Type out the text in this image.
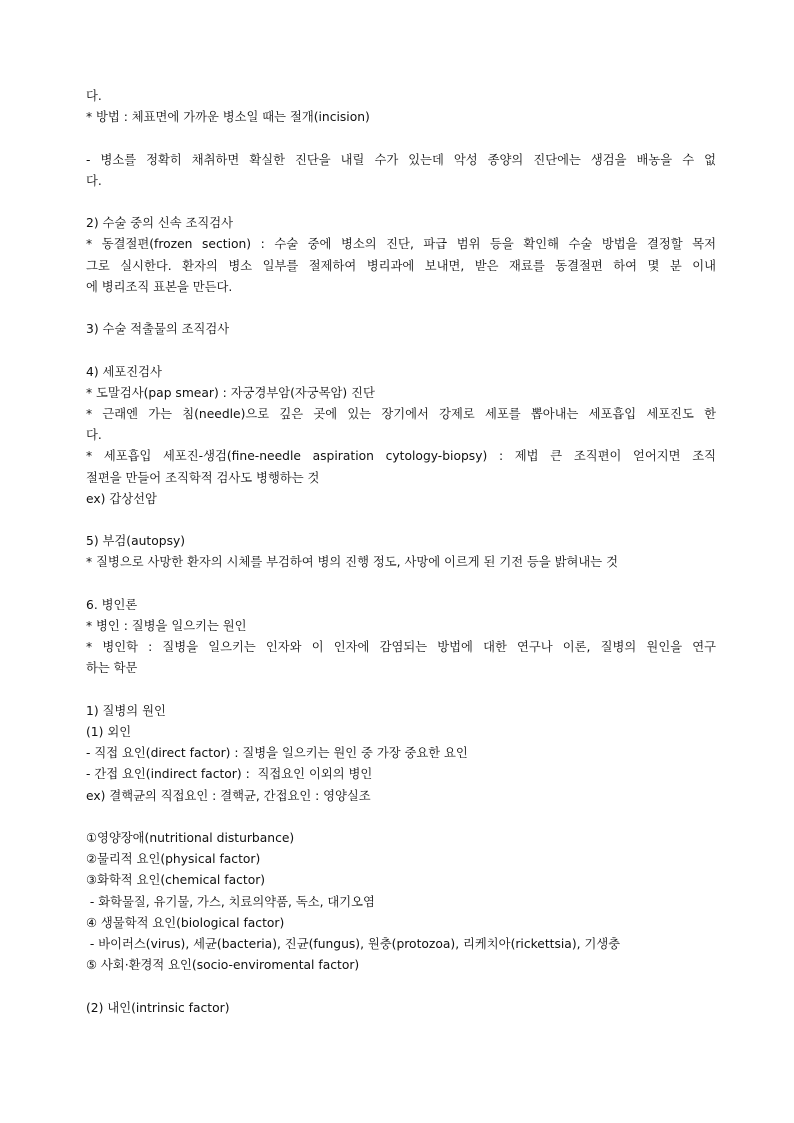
다.
* 방법 : 체표면에 가까운 병소일 때는 절개(incision)
- 병소를 정확히 채취하면 확실한 진단을 내릴 수가 있는데 악성 종양의 진단에는 생검을 배농을 수 없
다.
2) 수술 중의 신속 조직검사
* 동결절편(frozen section) : 수술 중에 병소의 진단, 파급 범위 등을 확인해 수술 방법을 결정할 목저
그로 실시한다. 환자의 병소 일부를 절제하여 병리과에 보내면, 받은 재료를 동결절편 하여 몇 분 이내
에 병리조직 표본을 만든다.
3) 수술 적출물의 조직검사
4) 세포진검사
* 도말검사(pap smear) : 자궁경부암(자궁목암) 진단
* 근래엔 가는 침(needle)으로 깊은 곳에 있는 장기에서 강제로 세포를 뽑아내는 세포흡입 세포진도 한
다.
* 세포흡입 세포진-생검(fine-needle aspiration cytology-biopsy) : 제법 큰 조직편이 얻어지면 조직
절편을 만들어 조직학적 검사도 병행하는 것
ex) 갑상선암
5) 부검(autopsy)
* 질병으로 사망한 환자의 시체를 부검하여 병의 진행 정도, 사망에 이르게 된 기전 등을 밝혀내는 것
6. 병인론
* 병인 : 질병을 일으키는 원인
* 병인학 : 질병을 일으키는 인자와 이 인자에 감염되는 방법에 대한 연구나 이론, 질병의 원인을 연구
하는 학문
1) 질병의 원인
(1) 외인
- 직접 요인(direct factor) : 질병을 일으키는 원인 중 가장 중요한 요인
- 간접 요인(indirect factor) :  직접요인 이외의 병인
ex) 결핵균의 직접요인 : 결핵균, 간접요인 : 영양실조
①영양장애(nutritional disturbance)
②물리적 요인(physical factor)
③화학적 요인(chemical factor)
- 화학물질, 유기물, 가스, 치료의약품, 독소, 대기오염
④ 생물학적 요인(biological factor)
- 바이러스(virus), 세균(bacteria), 진균(fungus), 원충(protozoa), 리케치아(rickettsia), 기생충
⑤ 사회·환경적 요인(socio-enviromental factor)
(2) 내인(intrinsic factor)
